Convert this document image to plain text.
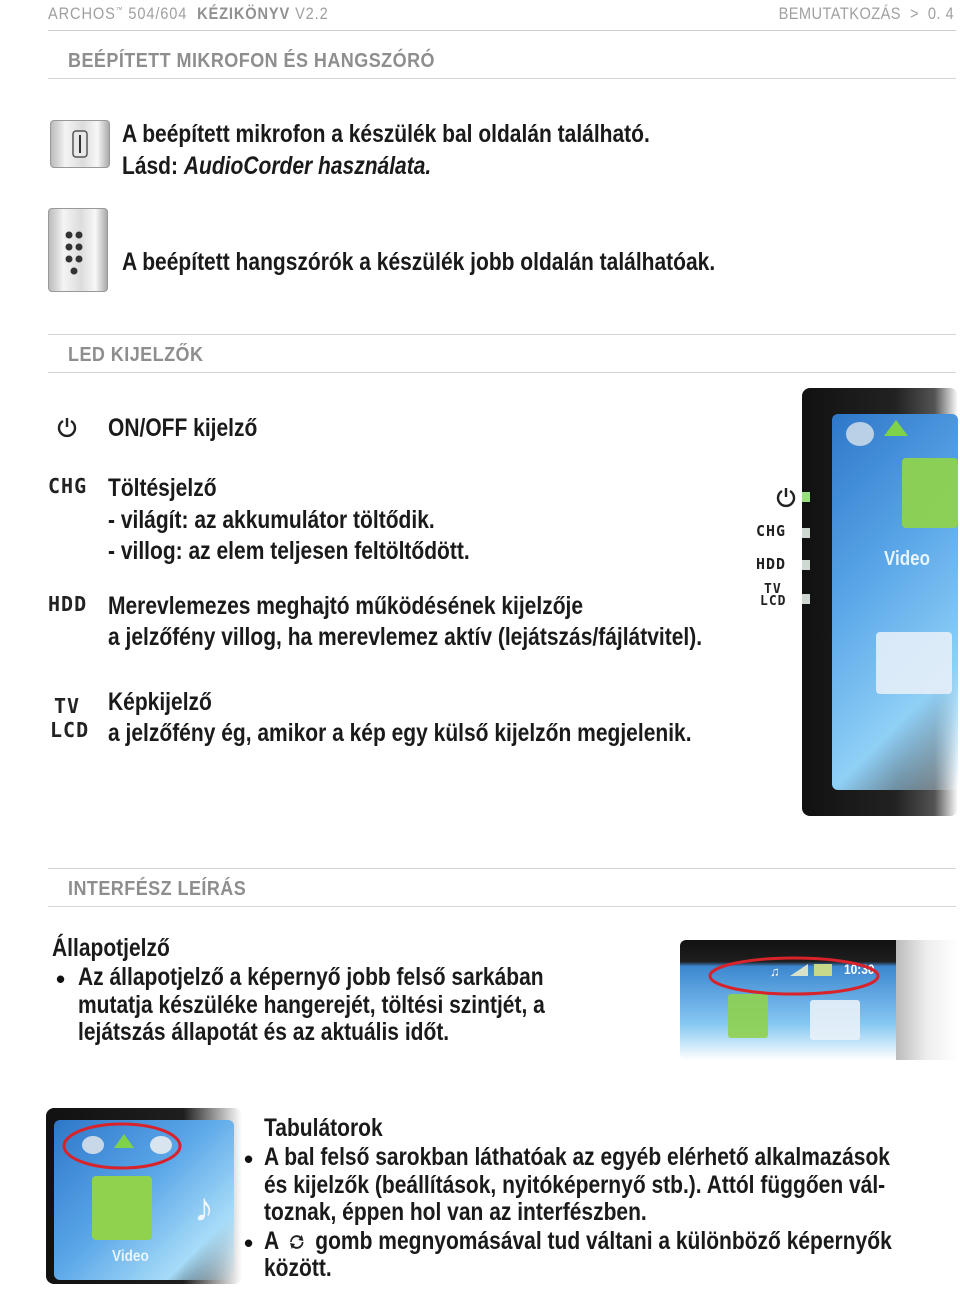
ARCHOS™ 504/604 KÉZIKÖNYV V2.2	BEMUTATKOZÁS > 0. 4
BEÉPÍTETT MIKROFON ÉS HANGSZÓRÓ
A beépített mikrofon a készülék bal oldalán található.
Lásd: AudioCorder használata.
A beépített hangszórók a készülék jobb oldalán találhatóak.
LED KIJELZŐK
ON/OFF kijelző
CHG Töltésjelző
- világít: az akkumulátor töltődik.
- villog: az elem teljesen feltöltődött.
HDD Merevlemezes meghajtó működésének kijelzője
a jelzőfény villog, ha merevlemez aktív (lejátszás/fájlátvitel).
TV
LCD
Képkijelző
a jelzőfény ég, amikor a kép egy külső kijelzőn megjelenik.
CHG
HDD
TV
LCD
Video
INTERFÉSZ LEÍRÁS
Állapotjelző
• Az állapotjelző a képernyő jobb felső sarkában
mutatja készüléke hangerejét, töltési szintjét, a
lejátszás állapotát és az aktuális időt.
♫	10:30
♪
Video
Tabulátorok
• A bal felső sarokban láthatóak az egyéb elérhető alkalmazások
és kijelzők (beállítások, nyitóképernyő stb.). Attól függően vál-
toznak, éppen hol van az interfészben.
• A gomb megnyomásával tud váltani a különböző képernyők
között.
